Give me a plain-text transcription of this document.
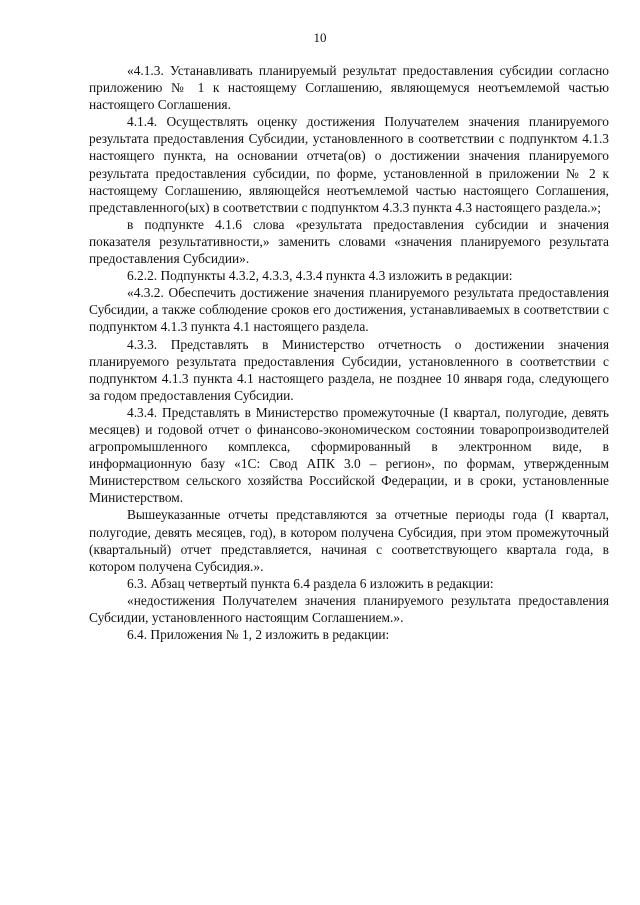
10

«4.1.3. Устанавливать планируемый результат предоставления субсидии согласно приложению № 1 к настоящему Соглашению, являющемуся неотъемлемой частью настоящего Соглашения.

4.1.4. Осуществлять оценку достижения Получателем значения планируемого результата предоставления Субсидии, установленного в соответствии с подпунктом 4.1.3 настоящего пункта, на основании отчета(ов) о достижении значения планируемого результата предоставления субсидии, по форме, установленной в приложении № 2 к настоящему Соглашению, являющейся неотъемлемой частью настоящего Соглашения, представленного(ых) в соответствии с подпунктом 4.3.3 пункта 4.3 настоящего раздела.»;

в подпункте 4.1.6 слова «результата предоставления субсидии и значения показателя результативности,» заменить словами «значения планируемого результата предоставления Субсидии».

6.2.2. Подпункты 4.3.2, 4.3.3, 4.3.4 пункта 4.3 изложить в редакции:

«4.3.2. Обеспечить достижение значения планируемого результата предоставления Субсидии, а также соблюдение сроков его достижения, устанавливаемых в соответствии с подпунктом 4.1.3 пункта 4.1 настоящего раздела.

4.3.3. Представлять в Министерство отчетность о достижении значения планируемого результата предоставления Субсидии, установленного в соответствии с подпунктом 4.1.3 пункта 4.1 настоящего раздела, не позднее 10 января года, следующего за годом предоставления Субсидии.

4.3.4. Представлять в Министерство промежуточные (I квартал, полугодие, девять месяцев) и годовой отчет о финансово-экономическом состоянии товаропроизводителей агропромышленного комплекса, сформированный в электронном виде, в информационную базу «1С: Свод АПК 3.0 – регион», по формам, утвержденным Министерством сельского хозяйства Российской Федерации, и в сроки, установленные Министерством.

Вышеуказанные отчеты представляются за отчетные периоды года (I квартал, полугодие, девять месяцев, год), в котором получена Субсидия, при этом промежуточный (квартальный) отчет представляется, начиная с соответствующего квартала года, в котором получена Субсидия.».

6.3. Абзац четвертый пункта 6.4 раздела 6 изложить в редакции:

«недостижения Получателем значения планируемого результата предоставления Субсидии, установленного настоящим Соглашением.».

6.4. Приложения № 1, 2 изложить в редакции:
